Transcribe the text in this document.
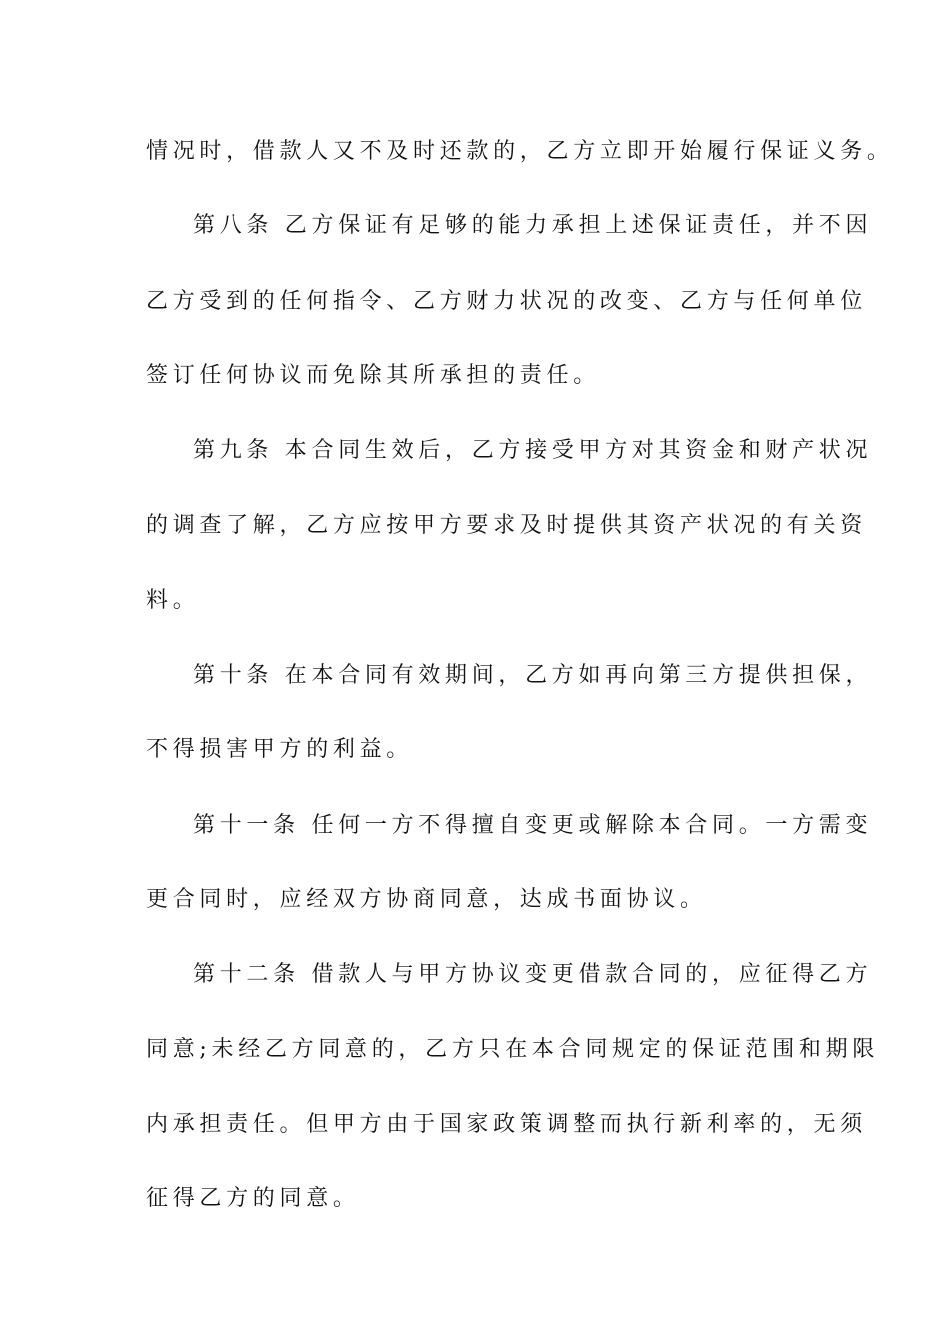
情况时，借款人又不及时还款的，乙方立即开始履行保证义务。
第八条 乙方保证有足够的能力承担上述保证责任，并不因
乙方受到的任何指令、乙方财力状况的改变、乙方与任何单位
签订任何协议而免除其所承担的责任。
第九条 本合同生效后，乙方接受甲方对其资金和财产状况
的调查了解，乙方应按甲方要求及时提供其资产状况的有关资
料。
第十条 在本合同有效期间，乙方如再向第三方提供担保，
不得损害甲方的利益。
第十一条 任何一方不得擅自变更或解除本合同。一方需变
更合同时，应经双方协商同意，达成书面协议。
第十二条 借款人与甲方协议变更借款合同的，应征得乙方
同意;未经乙方同意的，乙方只在本合同规定的保证范围和期限
内承担责任。但甲方由于国家政策调整而执行新利率的，无须
征得乙方的同意。
